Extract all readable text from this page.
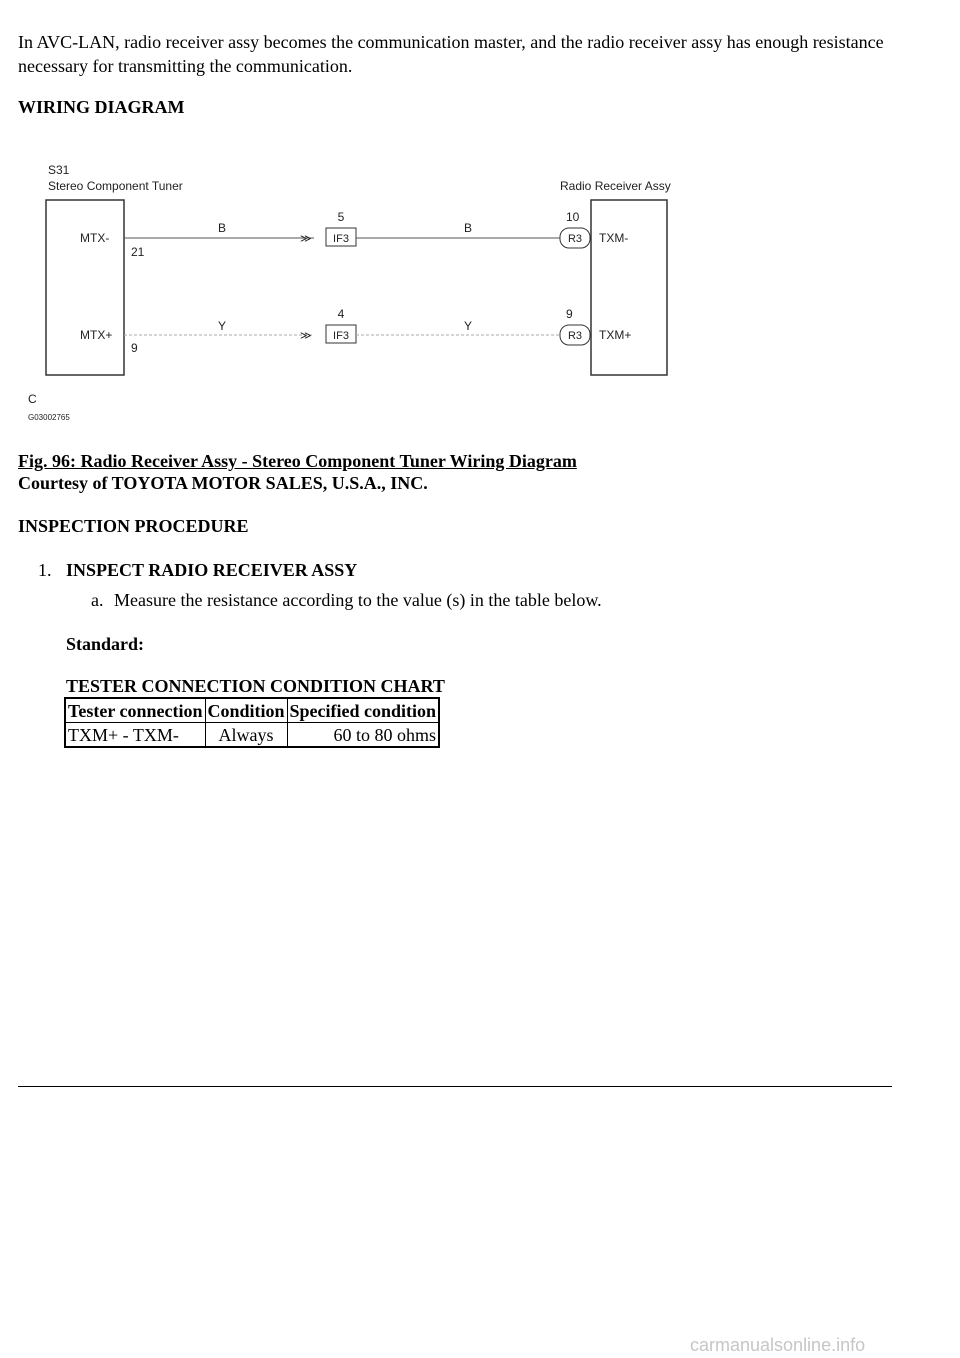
In AVC-LAN, radio receiver assy becomes the communication master, and the radio receiver assy has enough resistance necessary for transmitting the communication.

WIRING DIAGRAM
S31
Stereo Component Tuner	Radio Receiver Assy
≫ IF3
5
R3
10
B	B
MTX-
21
TXM-
≫ IF3
4
R3
9
Y	Y
MTX+
9
TXM+
C
G03002765
Fig. 96: Radio Receiver Assy - Stereo Component Tuner Wiring Diagram
Courtesy of TOYOTA MOTOR SALES, U.S.A., INC.
INSPECTION PROCEDURE
1. INSPECT RADIO RECEIVER ASSY
a. Measure the resistance according to the value (s) in the table below.
Standard:
TESTER CONNECTION CONDITION CHART
Tester connection	Condition	Specified condition
TXM+ - TXM-	Always	60 to 80 ohms
carmanualsonline.info
